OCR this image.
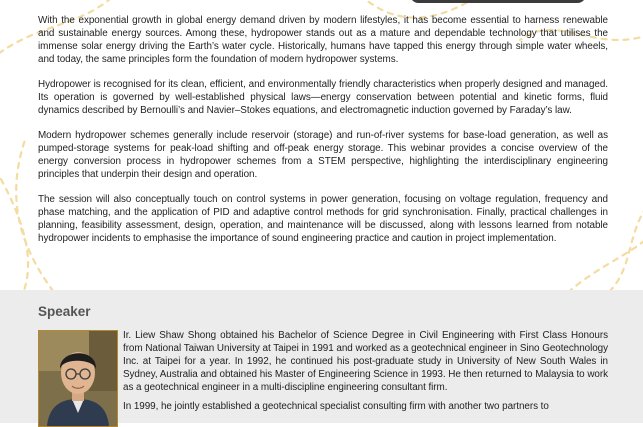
With the exponential growth in global energy demand driven by modern lifestyles, it has become essential to harness renewable and sustainable energy sources. Among these, hydropower stands out as a mature and dependable technology that utilises the immense solar energy driving the Earth’s water cycle. Historically, humans have tapped this energy through simple water wheels, and today, the same principles form the foundation of modern hydropower systems.

Hydropower is recognised for its clean, efficient, and environmentally friendly characteristics when properly designed and managed. Its operation is governed by well-established physical laws—energy conservation between potential and kinetic forms, fluid dynamics described by Bernoulli’s and Navier–Stokes equations, and electromagnetic induction governed by Faraday’s law.

Modern hydropower schemes generally include reservoir (storage) and run-of-river systems for base-load generation, as well as pumped-storage systems for peak-load shifting and off-peak energy storage. This webinar provides a concise overview of the energy conversion process in hydropower schemes from a STEM perspective, highlighting the interdisciplinary engineering principles that underpin their design and operation.

The session will also conceptually touch on control systems in power generation, focusing on voltage regulation, frequency and phase matching, and the application of PID and adaptive control methods for grid synchronisation. Finally, practical challenges in planning, feasibility assessment, design, operation, and maintenance will be discussed, along with lessons learned from notable hydropower incidents to emphasise the importance of sound engineering practice and caution in project implementation.

Speaker

Ir. Liew Shaw Shong obtained his Bachelor of Science Degree in Civil Engineering with First Class Honours from National Taiwan University at Taipei in 1991 and worked as a geotechnical engineer in Sino Geotechnology Inc. at Taipei for a year. In 1992, he continued his post-graduate study in University of New South Wales in Sydney, Australia and obtained his Master of Engineering Science in 1993. He then returned to Malaysia to work as a geotechnical engineer in a multi-discipline engineering consultant firm.

In 1999, he jointly established a geotechnical specialist consulting firm with another two partners to
